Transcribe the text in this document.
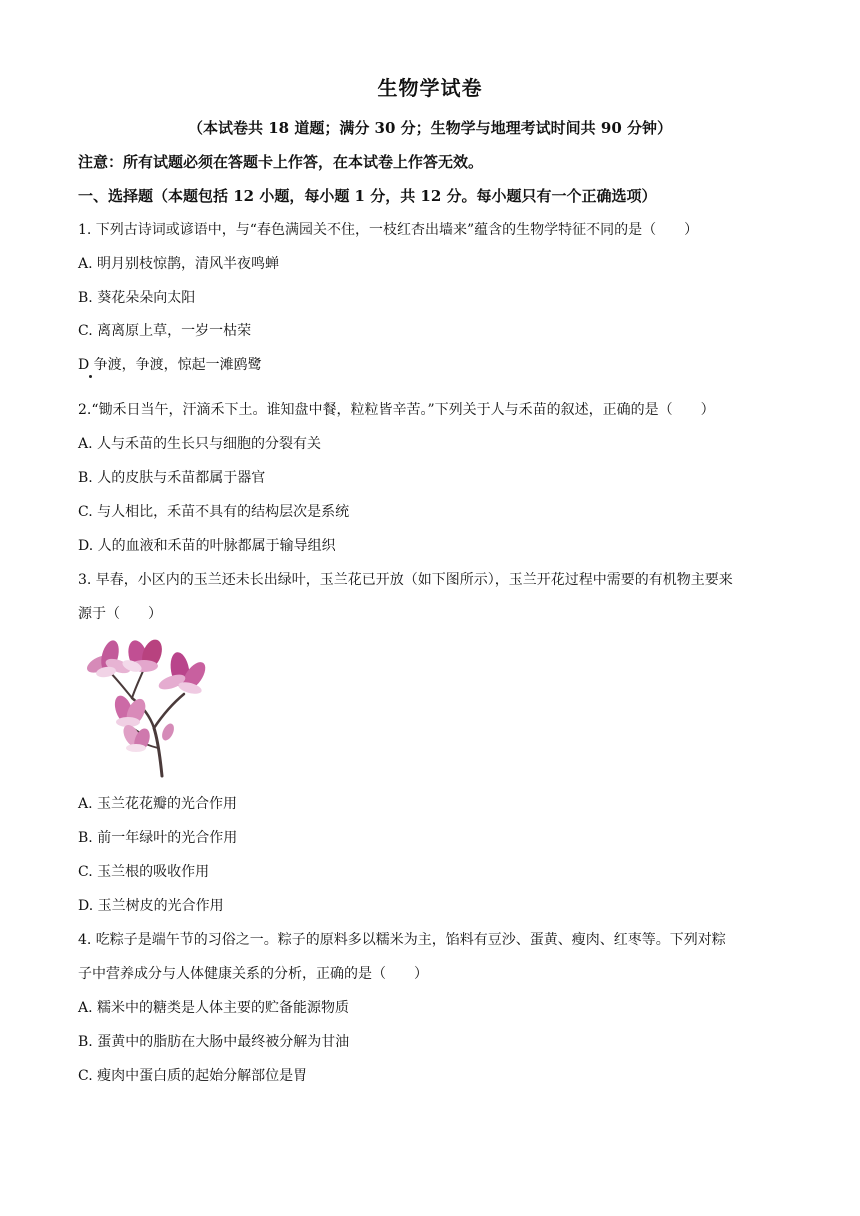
生物学试卷
（本试卷共 18 道题；满分 30 分；生物学与地理考试时间共 90 分钟）
注意：所有试题必须在答题卡上作答，在本试卷上作答无效。
一、选择题（本题包括 12 小题，每小题 1 分，共 12 分。每小题只有一个正确选项）
1. 下列古诗词或谚语中，与“春色满园关不住，一枝红杏出墙来”蕴含的生物学特征不同的是（　　）
A. 明月别枝惊鹊，清风半夜鸣蝉
B. 葵花朵朵向太阳
C. 离离原上草，一岁一枯荣
D 争渡，争渡，惊起一滩鸥鹭
2.“锄禾日当午，汗滴禾下土。谁知盘中餐，粒粒皆辛苦。”下列关于人与禾苗的叙述，正确的是（　　）
A. 人与禾苗的生长只与细胞的分裂有关
B. 人的皮肤与禾苗都属于器官
C. 与人相比，禾苗不具有的结构层次是系统
D. 人的血液和禾苗的叶脉都属于输导组织
3. 早春，小区内的玉兰还未长出绿叶，玉兰花已开放（如下图所示），玉兰开花过程中需要的有机物主要来
源于（　　）
A. 玉兰花花瓣的光合作用
B. 前一年绿叶的光合作用
C. 玉兰根的吸收作用
D. 玉兰树皮的光合作用
4. 吃粽子是端午节的习俗之一。粽子的原料多以糯米为主，馅料有豆沙、蛋黄、瘦肉、红枣等。下列对粽
子中营养成分与人体健康关系的分析，正确的是（　　）
A. 糯米中的糖类是人体主要的贮备能源物质
B. 蛋黄中的脂肪在大肠中最终被分解为甘油
C. 瘦肉中蛋白质的起始分解部位是胃
